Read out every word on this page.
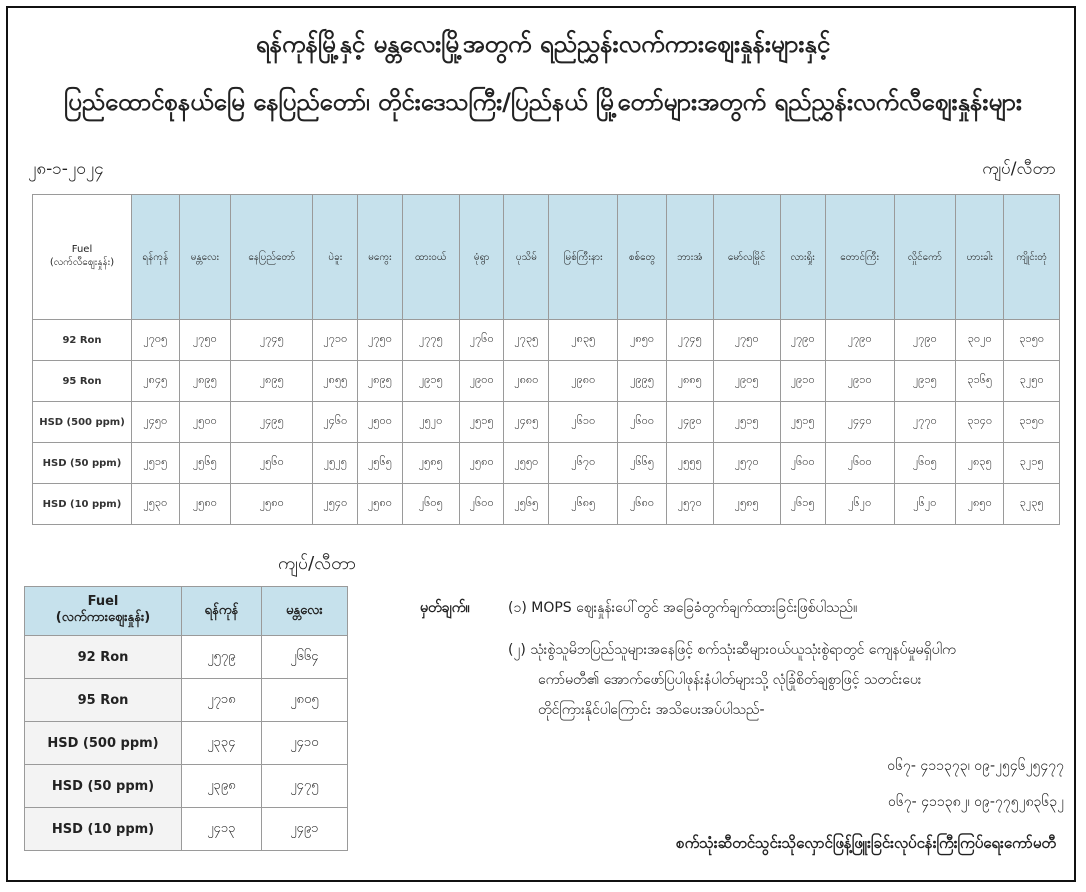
ရန်ကုန်မြို့နှင့် မန္တလေးမြို့အတွက် ရည်ညွှန်းလက်ကားဈေးနှုန်းများနှင့်
ပြည်ထောင်စုနယ်မြေ နေပြည်တော်၊ တိုင်းဒေသကြီး/ပြည်နယ် မြို့တော်များအတွက် ရည်ညွှန်းလက်လီဈေးနှုန်းများ
၂၈-၁-၂၀၂၄	ကျပ်/လီတာ
Fuel
(လက်လီဈေးနှုန်း)	ရန်ကုန်	မန္တလေး	နေပြည်တော်	ပဲခူး	မကွေး	ထားဝယ်	မုံရွာ	ပုသိမ်	မြစ်ကြီးနား	စစ်တွေ	ဘားအံ	မော်လမြိုင်	လားရှိုး	တောင်ကြီး	လှိုင်ကော်	ဟားခါး	ကျိုင်းတုံ
92 Ron	၂၇၀၅	၂၇၅၀	၂၇၄၅	၂၇၁၀	၂၇၅၀	၂၇၇၅	၂၇၆၀	၂၇၃၅	၂၈၃၅	၂၈၅၀	၂၇၄၅	၂၇၅၀	၂၇၉၀	၂၇၉၀	၂၇၉၀	၃၀၂၀	၃၁၅၀
95 Ron	၂၈၄၅	၂၈၉၅	၂၈၉၅	၂၈၅၅	၂၈၉၅	၂၉၁၅	၂၉၀၀	၂၈၈၀	၂၉၈၀	၂၉၉၅	၂၈၈၅	၂၉၀၅	၂၉၁၀	၂၉၁၀	၂၉၁၅	၃၁၆၅	၃၂၅၀
HSD (500 ppm)	၂၄၅၀	၂၅၀၀	၂၄၉၅	၂၄၆၀	၂၅၀၀	၂၅၂၀	၂၅၁၅	၂၄၈၅	၂၆၁၀	၂၆၀၀	၂၄၉၀	၂၅၁၅	၂၅၁၅	၂၄၄၀	၂၇၇၀	၃၁၄၀	၃၁၅၀
HSD (50 ppm)	၂၅၁၅	၂၅၆၅	၂၅၆၀	၂၅၂၅	၂၅၆၅	၂၅၈၅	၂၅၈၀	၂၅၅၀	၂၆၇၀	၂၆၆၅	၂၅၅၅	၂၅၇၀	၂၆၀၀	၂၆၀၀	၂၆၀၅	၂၈၃၅	၃၂၁၅
HSD (10 ppm)	၂၅၃၀	၂၅၈၀	၂၅၈၀	၂၅၄၀	၂၅၈၀	၂၆၀၅	၂၆၀၀	၂၅၆၅	၂၆၈၅	၂၆၈၀	၂၅၇၀	၂၅၈၅	၂၆၁၅	၂၆၂၀	၂၆၂၀	၂၈၅၀	၃၂၃၅
ကျပ်/လီတာ
Fuel
(လက်ကားဈေးနှုန်း)	ရန်ကုန်	မန္တလေး
92 Ron	၂၅၇၉	၂၆၆၄
95 Ron	၂၇၁၈	၂၈၀၅
HSD (500 ppm)	၂၃၃၄	၂၄၁၀
HSD (50 ppm)	၂၃၉၈	၂၄၇၅
HSD (10 ppm)	၂၄၁၃	၂၄၉၁
မှတ်ချက်။	(၁) MOPS ဈေးနှုန်းပေါ်တွင် အခြေခံတွက်ချက်ထားခြင်းဖြစ်ပါသည်။

(၂) သုံးစွဲသူမိဘပြည်သူများအနေဖြင့် စက်သုံးဆီများဝယ်ယူသုံးစွဲရာတွင် ကျေနပ်မှုမရှိပါက

ကော်မတီ၏ အောက်ဖော်ပြပါဖုန်းနံပါတ်များသို့ လုံခြုံစိတ်ချစွာဖြင့် သတင်းပေး

တိုင်ကြားနိုင်ပါကြောင်း အသိပေးအပ်ပါသည်-

၀၆၇- ၄၁၁၃၇၃၊ ၀၉-၂၅၄၆၂၅၄၇၇
၀၆၇- ၄၁၁၃၈၂၊ ၀၉-၇၇၅၂၈၃၆၃၂
စက်သုံးဆီတင်သွင်းသိုလှောင်ဖြန့်ဖြူးခြင်းလုပ်ငန်းကြီးကြပ်ရေးကော်မတီ
